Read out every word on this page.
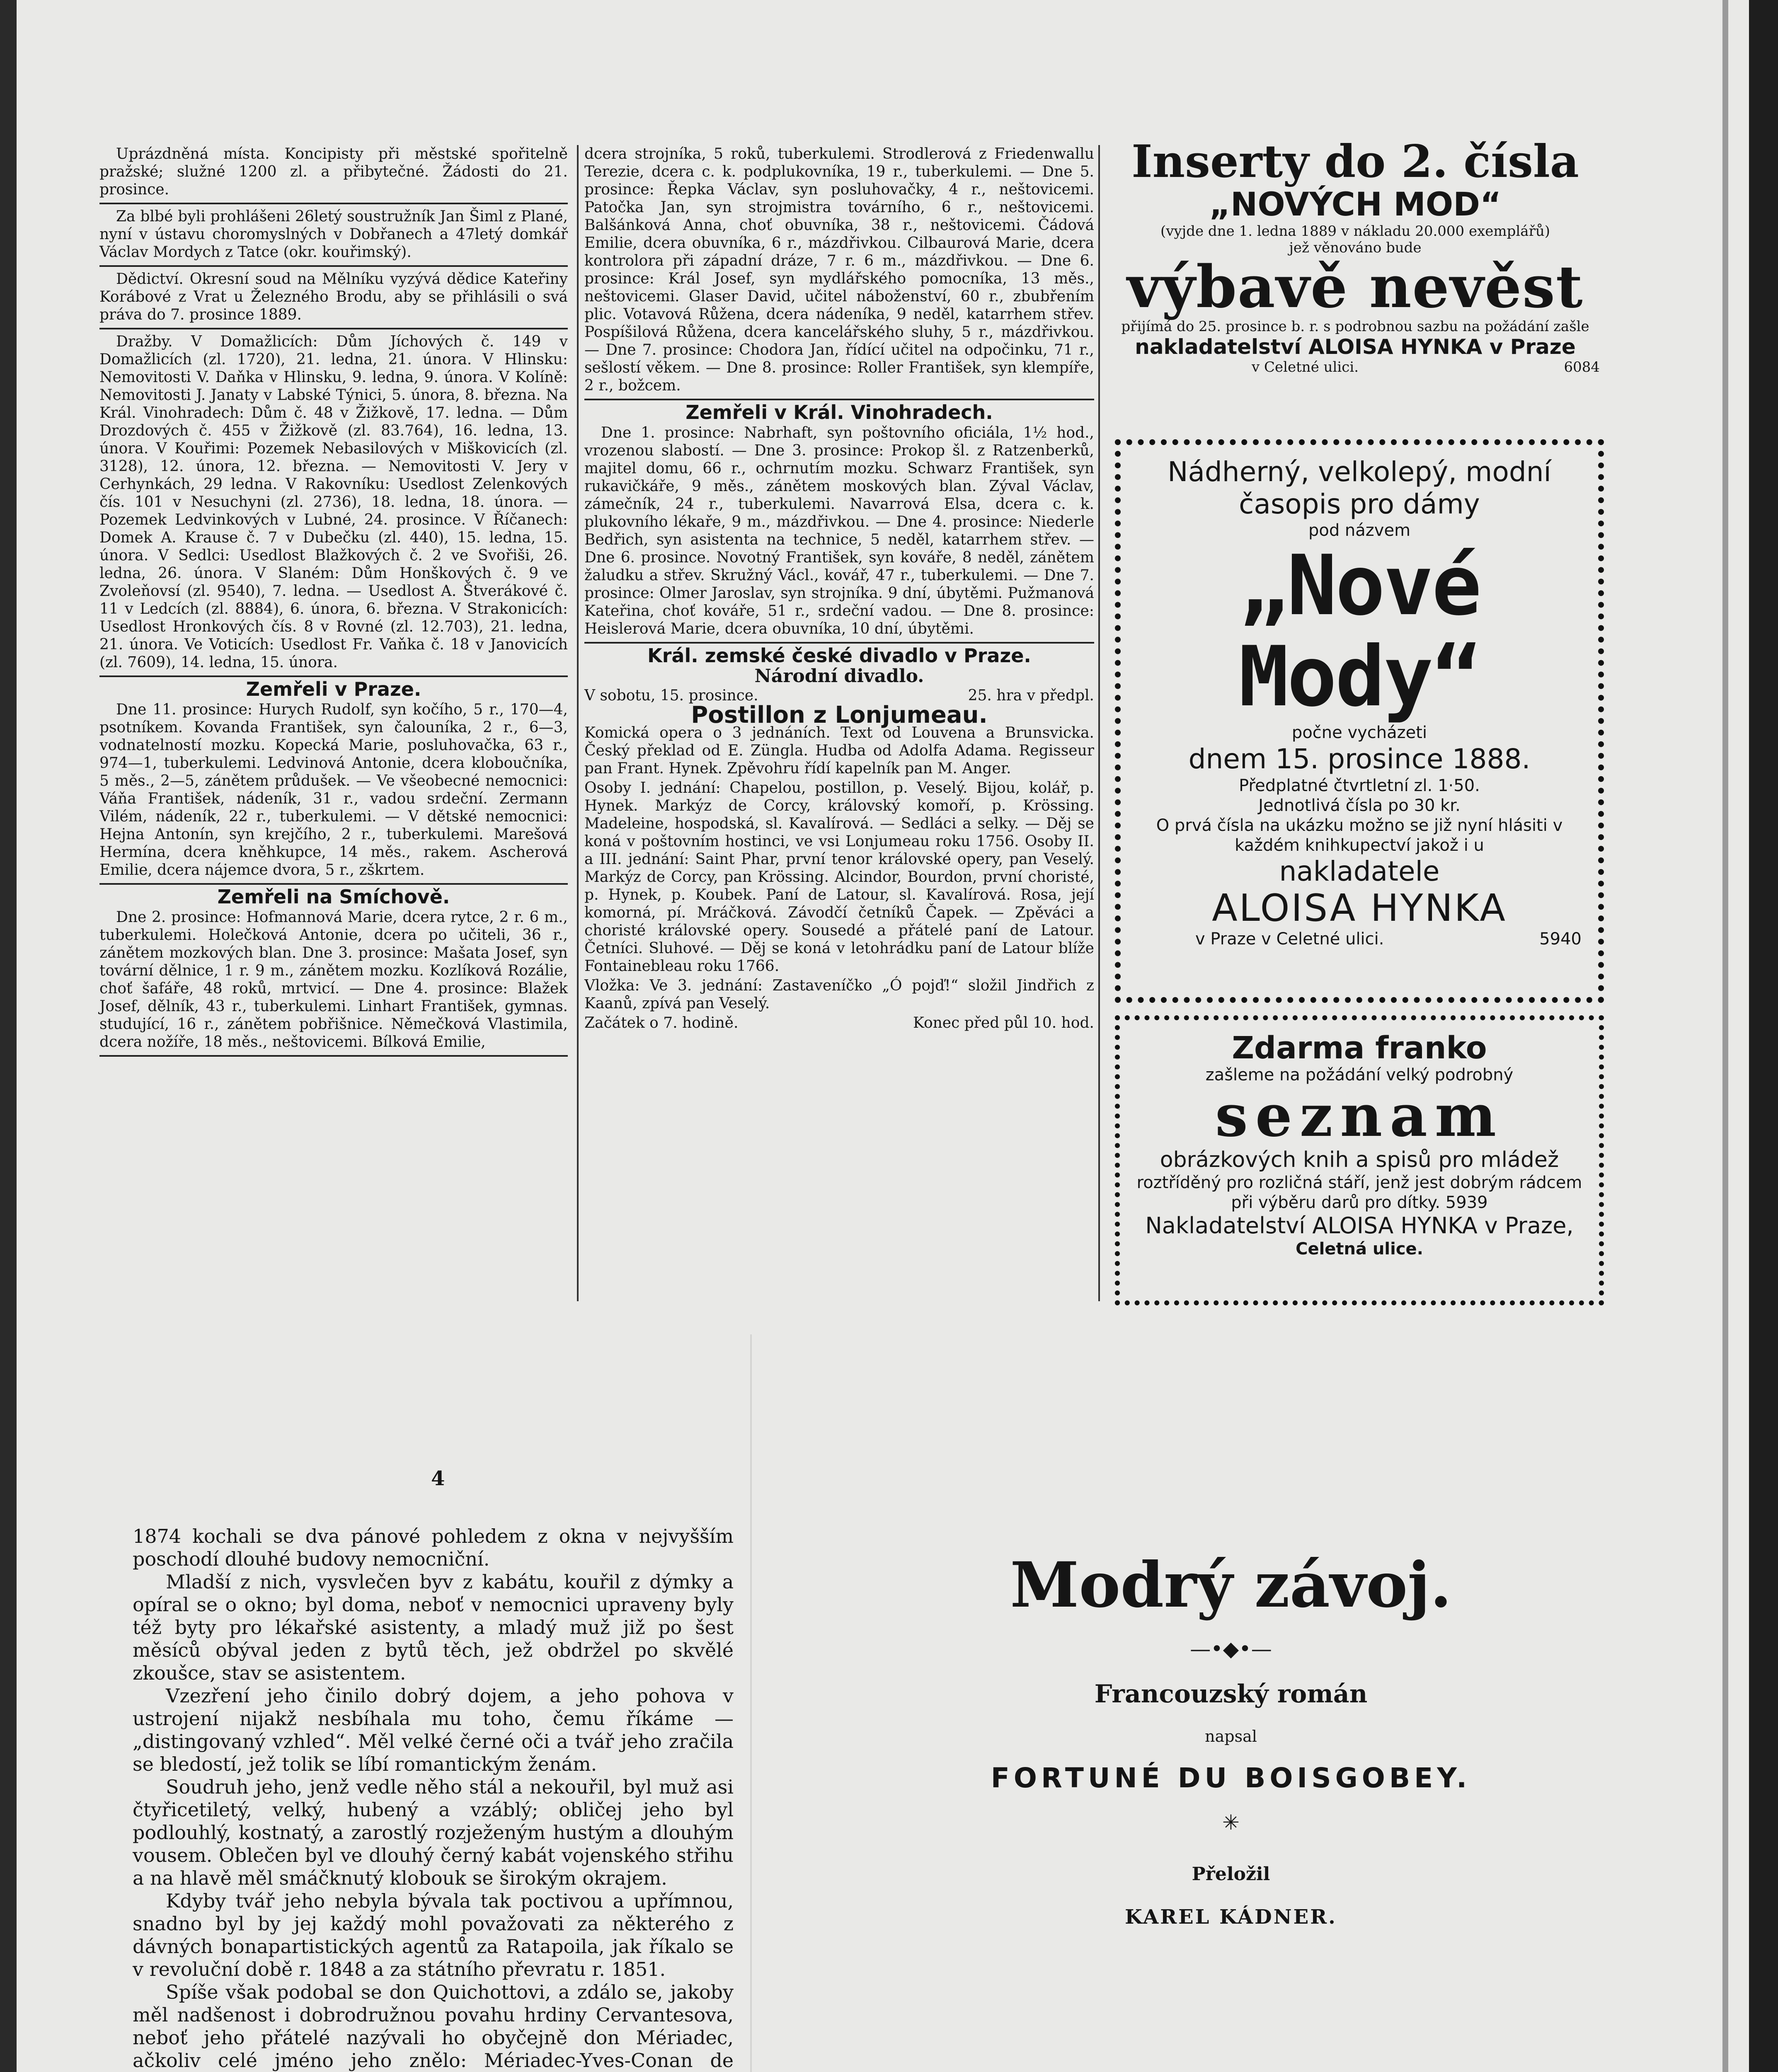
Uprázdněná místa. Koncipisty při městské spořitelně pražské; služné 1200 zl. a přibytečné. Žádosti do 21. prosince.

Za blbé byli prohlášeni 26letý soustružník Jan Šiml z Plané, nyní v ústavu choromyslných v Dobřanech a 47letý domkář Václav Mordych z Tatce (okr. kouřimský).

Dědictví. Okresní soud na Mělníku vyzývá dědice Kateřiny Korábové z Vrat u Železného Brodu, aby se přihlásili o svá práva do 7. prosince 1889.

Dražby. V Domažlicích: Dům Jíchových č. 149 v Domažlicích (zl. 1720), 21. ledna, 21. února. V Hlinsku: Nemovitosti V. Daňka v Hlinsku, 9. ledna, 9. února. V Kolíně: Nemovitosti J. Janaty v Labské Týnici, 5. února, 8. března. Na Král. Vinohradech: Dům č. 48 v Žižkově, 17. ledna. — Dům Drozdových č. 455 v Žižkově (zl. 83.764), 16. ledna, 13. února. V Kouřimi: Pozemek Nebasilových v Miškovicích (zl. 3128), 12. února, 12. března. — Nemovitosti V. Jery v Cerhynkách, 29 ledna. V Rakovníku: Usedlost Zelenkových čís. 101 v Nesuchyni (zl. 2736), 18. ledna, 18. února. — Pozemek Ledvinkových v Lubné, 24. prosince. V Říčanech: Domek A. Krause č. 7 v Dubečku (zl. 440), 15. ledna, 15. února. V Sedlci: Usedlost Blažkových č. 2 ve Svořiši, 26. ledna, 26. února. V Slaném: Dům Honškových č. 9 ve Zvoleňovsí (zl. 9540), 7. ledna. — Usedlost A. Štverákové č. 11 v Ledcích (zl. 8884), 6. února, 6. března. V Strakonicích: Usedlost Hronkových čís. 8 v Rovné (zl. 12.703), 21. ledna, 21. února. Ve Voticích: Usedlost Fr. Vaňka č. 18 v Janovicích (zl. 7609), 14. ledna, 15. února.

Zemřeli v Praze.

Dne 11. prosince: Hurych Rudolf, syn kočího, 5 r., 170—4, psotníkem. Kovanda František, syn čalouníka, 2 r., 6—3, vodnatelností mozku. Kopecká Marie, posluhovačka, 63 r., 974—1, tuberkulemi. Ledvinová Antonie, dcera kloboučníka, 5 měs., 2—5, zánětem průdušek. — Ve všeobecné nemocnici: Váňa František, nádeník, 31 r., vadou srdeční. Zermann Vilém, nádeník, 22 r., tuberkulemi. — V dětské nemocnici: Hejna Antonín, syn krejčího, 2 r., tuberkulemi. Marešová Hermína, dcera kněhkupce, 14 měs., rakem. Ascherová Emilie, dcera nájemce dvora, 5 r., zškrtem.

Zemřeli na Smíchově.

Dne 2. prosince: Hofmannová Marie, dcera rytce, 2 r. 6 m., tuberkulemi. Holečková Antonie, dcera po učiteli, 36 r., zánětem mozkových blan. Dne 3. prosince: Mašata Josef, syn tovární dělnice, 1 r. 9 m., zánětem mozku. Kozlíková Rozálie, choť šafáře, 48 roků, mrtvicí. — Dne 4. prosince: Blažek Josef, dělník, 43 r., tuberkulemi. Linhart František, gymnas. studující, 16 r., zánětem pobřišnice. Němečková Vlastimila, dcera nožíře, 18 měs., neštovicemi. Bílková Emilie,

dcera strojníka, 5 roků, tuberkulemi. Strodlerová z Friedenwallu Terezie, dcera c. k. podplukovníka, 19 r., tuberkulemi. — Dne 5. prosince: Řepka Václav, syn posluhovačky, 4 r., neštovicemi. Patočka Jan, syn strojmistra továrního, 6 r., neštovicemi. Balšánková Anna, choť obuvníka, 38 r., neštovicemi. Čádová Emilie, dcera obuvníka, 6 r., mázdřivkou. Cilbaurová Marie, dcera kontrolora při západní dráze, 7 r. 6 m., mázdřivkou. — Dne 6. prosince: Král Josef, syn mydlářského pomocníka, 13 měs., neštovicemi. Glaser David, učitel náboženství, 60 r., zbubřením plic. Votavová Růžena, dcera nádeníka, 9 neděl, katarrhem střev. Pospíšilová Růžena, dcera kancelářského sluhy, 5 r., mázdřivkou. — Dne 7. prosince: Chodora Jan, řídící učitel na odpočinku, 71 r., sešlostí věkem. — Dne 8. prosince: Roller František, syn klempíře, 2 r., božcem.

Zemřeli v Král. Vinohradech.

Dne 1. prosince: Nabrhaft, syn poštovního oficiála, 1½ hod., vrozenou slabostí. — Dne 3. prosince: Prokop šl. z Ratzenberků, majitel domu, 66 r., ochrnutím mozku. Schwarz František, syn rukavičkáře, 9 měs., zánětem moskových blan. Zýval Václav, zámečník, 24 r., tuberkulemi. Navarrová Elsa, dcera c. k. plukovního lékaře, 9 m., mázdřivkou. — Dne 4. prosince: Niederle Bedřich, syn asistenta na technice, 5 neděl, katarrhem střev. — Dne 6. prosince. Novotný František, syn kováře, 8 neděl, zánětem žaludku a střev. Skružný Václ., kovář, 47 r., tuberkulemi. — Dne 7. prosince: Olmer Jaroslav, syn strojníka. 9 dní, úbytěmi. Pužmanová Kateřina, choť kováře, 51 r., srdeční vadou. — Dne 8. prosince: Heislerová Marie, dcera obuvníka, 10 dní, úbytěmi.

Král. zemské české divadlo v Praze.
Národní divadlo.
V sobotu, 15. prosince.	25. hra v předpl.
Postillon z Lonjumeau.

Komická opera o 3 jednáních. Text od Louvena a Brunsvicka. Český překlad od E. Züngla. Hudba od Adolfa Adama. Regisseur pan Frant. Hynek. Zpěvohru řídí kapelník pan M. Anger.

Osoby I. jednání: Chapelou, postillon, p. Veselý. Bijou, kolář, p. Hynek. Markýz de Corcy, královský komoří, p. Krössing. Madeleine, hospodská, sl. Kavalírová. — Sedláci a selky. — Děj se koná v poštovním hostinci, ve vsi Lonjumeau roku 1756. Osoby II. a III. jednání: Saint Phar, první tenor královské opery, pan Veselý. Markýz de Corcy, pan Krössing. Alcindor, Bourdon, první choristé, p. Hynek, p. Koubek. Paní de Latour, sl. Kavalírová. Rosa, její komorná, pí. Mráčková. Závodčí četníků Čapek. — Zpěváci a choristé královské opery. Sousedé a přátelé paní de Latour. Četníci. Sluhové. — Děj se koná v letohrádku paní de Latour blíže Fontainebleau roku 1766.

Vložka: Ve 3. jednání: Zastaveníčko „Ó pojď!“ složil Jindřich z Kaanů, zpívá pan Veselý.

Začátek o 7. hodině.	Konec před půl 10. hod.
Inserty do 2. čísla
„NOVÝCH MOD“
(vyjde dne 1. ledna 1889 v nákladu 20.000 exemplářů)
jež věnováno bude
výbavě nevěst
přijímá do 25. prosince b. r. s podrobnou sazbu na požádání zašle
nakladatelství ALOISA HYNKA v Praze
v Celetné ulici.	6084
Nádherný, velkolepý, modní
časopis pro dámy
pod názvem
„Nové Mody“
počne vycházeti
dnem 15. prosince 1888.
Předplatné čtvrtletní zl. 1·50.
Jednotlivá čísla po 30 kr.
O prvá čísla na ukázku možno se již nyní hlásiti v každém knihkupectví jakož i u
nakladatele
ALOISA HYNKA
v Praze v Celetné ulici.	5940
Zdarma franko
zašleme na požádání velký podrobný
seznam
obrázkových knih a spisů pro mládež
roztříděný pro rozličná stáří, jenž jest dobrým rádcem při výběru darů pro dítky. 5939
Nakladatelství ALOISA HYNKA v Praze,
Celetná ulice.
4

1874 kochali se dva pánové pohledem z okna v nejvyšším poschodí dlouhé budovy nemocniční.

Mladší z nich, vysvlečen byv z kabátu, kouřil z dýmky a opíral se o okno; byl doma, neboť v nemocnici upraveny byly též byty pro lékařské asistenty, a mladý muž již po šest měsíců obýval jeden z bytů těch, jež obdržel po skvělé zkoušce, stav se asistentem.

Vzezření jeho činilo dobrý dojem, a jeho pohova v ustrojení nijakž nesbíhala mu toho, čemu říkáme — „distingovaný vzhled“. Měl velké černé oči a tvář jeho zračila se bledostí, jež tolik se líbí romantickým ženám.

Soudruh jeho, jenž vedle něho stál a nekouřil, byl muž asi čtyřicetiletý, velký, hubený a vzáblý; obličej jeho byl podlouhlý, kostnatý, a zarostlý rozježeným hustým a dlouhým vousem. Oblečen byl ve dlouhý černý kabát vojenského střihu a na hlavě měl smáčknutý klobouk se širokým okrajem.

Kdyby tvář jeho nebyla bývala tak poctivou a upřímnou, snadno byl by jej každý mohl považovati za některého z dávných bonapartistických agentů za Ratapoila, jak říkalo se v revoluční době r. 1848 a za státního převratu r. 1851.

Spíše však podobal se don Quichottovi, a zdálo se, jakoby měl nadšenost i dobrodružnou povahu hrdiny Cervantesova, neboť jeho přátelé nazývali ho obyčejně don Mériadec, ačkoliv celé jméno jeho znělo: Mériadec-Yves-Conan de

Modrý závoj.
—•◆•—
Francouzský román
napsal
FORTUNÉ DU BOISGOBEY.
✳
Přeložil
KAREL KÁDNER.
